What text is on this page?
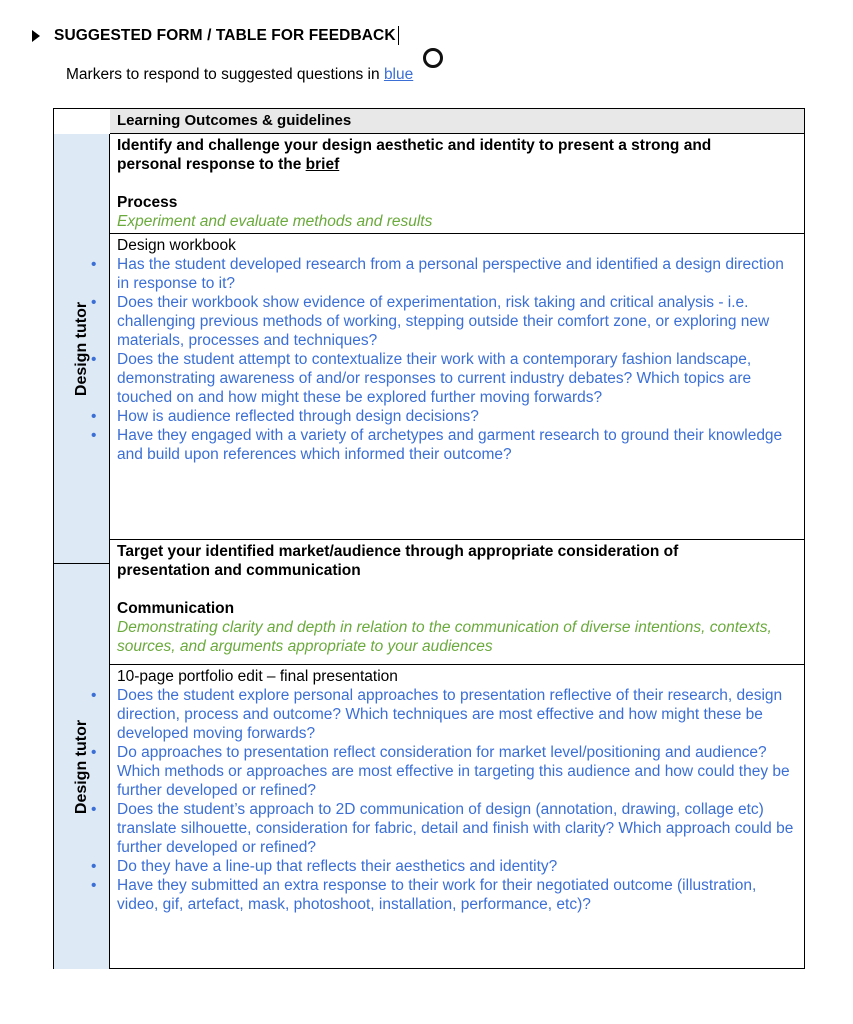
SUGGESTED FORM / TABLE FOR FEEDBACK
Markers to respond to suggested questions in blue
Learning Outcomes & guidelines
Design tutor
Design tutor
Identify and challenge your design aesthetic and identity to present a strong and
personal response to the brief
Process
Experiment and evaluate methods and results
Design workbook
• Has the student developed research from a personal perspective and identified a design direction in response to it?
• Does their workbook show evidence of experimentation, risk taking and critical analysis - i.e. challenging previous methods of working, stepping outside their comfort zone, or exploring new materials, processes and techniques?
• Does the student attempt to contextualize their work with a contemporary fashion landscape, demonstrating awareness of and/or responses to current industry debates? Which topics are touched on and how might these be explored further moving forwards?
• How is audience reflected through design decisions?
• Have they engaged with a variety of archetypes and garment research to ground their knowledge and build upon references which informed their outcome?
Target your identified market/audience through appropriate consideration of
presentation and communication
Communication
Demonstrating clarity and depth in relation to the communication of diverse intentions, contexts, sources, and arguments appropriate to your audiences
10-page portfolio edit – final presentation
• Does the student explore personal approaches to presentation reflective of their research, design direction, process and outcome? Which techniques are most effective and how might these be developed moving forwards?
• Do approaches to presentation reflect consideration for market level/positioning and audience? Which methods or approaches are most effective in targeting this audience and how could they be further developed or refined?
• Does the student’s approach to 2D communication of design (annotation, drawing, collage etc) translate silhouette, consideration for fabric, detail and finish with clarity? Which approach could be further developed or refined?
• Do they have a line-up that reflects their aesthetics and identity?
• Have they submitted an extra response to their work for their negotiated outcome (illustration, video, gif, artefact, mask, photoshoot, installation, performance, etc)?
